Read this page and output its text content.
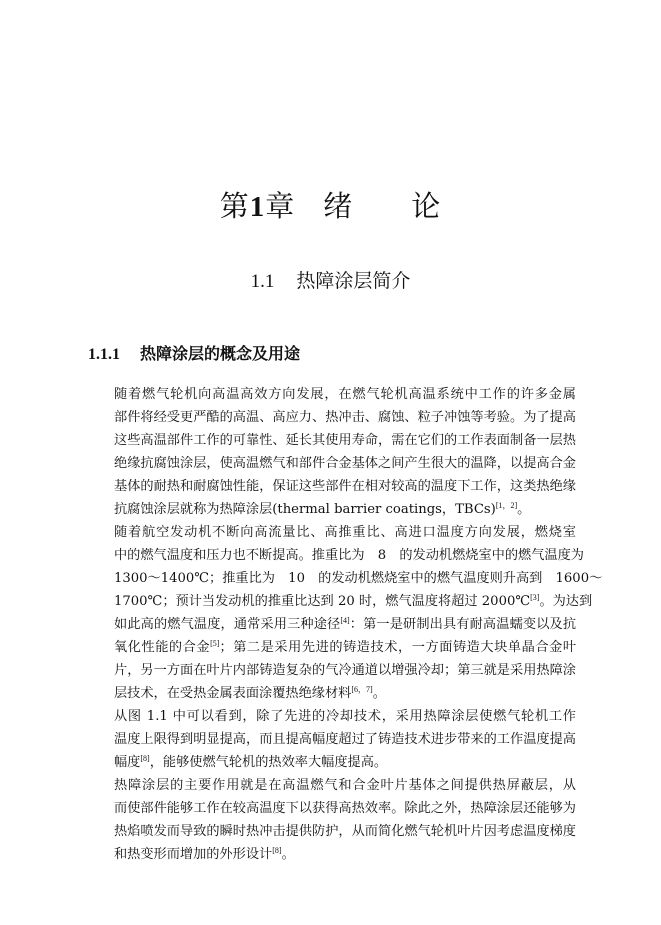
第1章 绪 论
1.1 热障涂层简介
1.1.1 热障涂层的概念及用途

随着燃气轮机向高温高效方向发展，在燃气轮机高温系统中工作的许多金属
部件将经受更严酷的高温、高应力、热冲击、腐蚀、粒子冲蚀等考验。为了提高
这些高温部件工作的可靠性、延长其使用寿命，需在它们的工作表面制备一层热
绝缘抗腐蚀涂层，使高温燃气和部件合金基体之间产生很大的温降，以提高合金
基体的耐热和耐腐蚀性能，保证这些部件在相对较高的温度下工作，这类热绝缘
抗腐蚀涂层就称为热障涂层(thermal barrier coatings，TBCs)[1，2]。

随着航空发动机不断向高流量比、高推重比、高进口温度方向发展，燃烧室
中的燃气温度和压力也不断提高。推重比为　8　的发动机燃烧室中的燃气温度为
1300～1400℃；推重比为　10　的发动机燃烧室中的燃气温度则升高到　1600～
1700℃；预计当发动机的推重比达到 20 时，燃气温度将超过 2000℃[3]。为达到
如此高的燃气温度，通常采用三种途径[4]：第一是研制出具有耐高温蠕变以及抗
氧化性能的合金[5]；第二是采用先进的铸造技术，一方面铸造大块单晶合金叶
片，另一方面在叶片内部铸造复杂的气冷通道以增强冷却；第三就是采用热障涂
层技术，在受热金属表面涂覆热绝缘材料[6，7]。

从图 1.1 中可以看到，除了先进的冷却技术，采用热障涂层使燃气轮机工作
温度上限得到明显提高，而且提高幅度超过了铸造技术进步带来的工作温度提高
幅度[8]，能够使燃气轮机的热效率大幅度提高。

热障涂层的主要作用就是在高温燃气和合金叶片基体之间提供热屏蔽层，从
而使部件能够工作在较高温度下以获得高热效率。除此之外，热障涂层还能够为
热焰喷发而导致的瞬时热冲击提供防护，从而简化燃气轮机叶片因考虑温度梯度
和热变形而增加的外形设计[8]。
